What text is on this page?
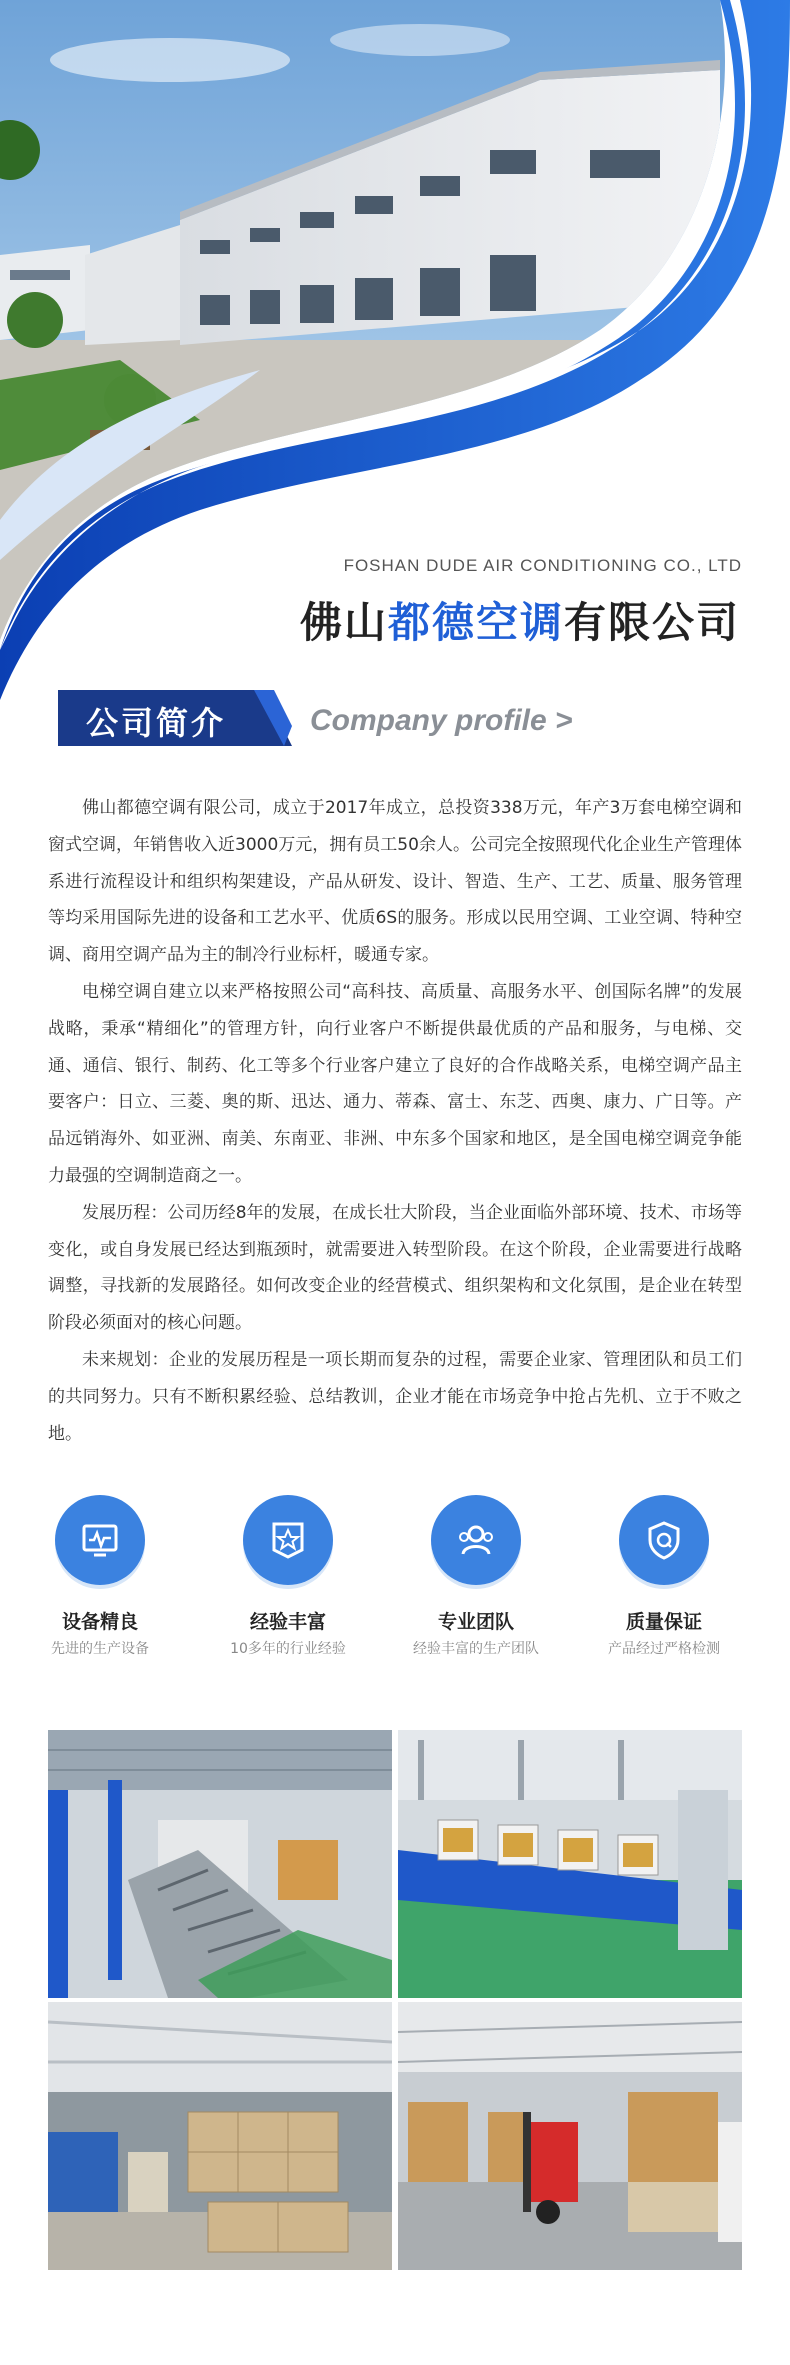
FOSHAN DUDE AIR CONDITIONING CO., LTD
佛山都德空调有限公司
公司简介	Company profile >

佛山都德空调有限公司，成立于2017年成立，总投资338万元，年产3万套电梯空调和窗式空调，年销售收入近3000万元，拥有员工50余人。公司完全按照现代化企业生产管理体系进行流程设计和组织构架建设，产品从研发、设计、智造、生产、工艺、质量、服务管理等均采用国际先进的设备和工艺水平、优质6S的服务。形成以民用空调、工业空调、特种空调、商用空调产品为主的制冷行业标杆，暖通专家。

电梯空调自建立以来严格按照公司“高科技、高质量、高服务水平、创国际名牌”的发展战略，秉承“精细化”的管理方针，向行业客户不断提供最优质的产品和服务，与电梯、交通、通信、银行、制药、化工等多个行业客户建立了良好的合作战略关系，电梯空调产品主要客户：日立、三菱、奥的斯、迅达、通力、蒂森、富士、东芝、西奥、康力、广日等。产品远销海外、如亚洲、南美、东南亚、非洲、中东多个国家和地区，是全国电梯空调竞争能力最强的空调制造商之一。

发展历程：公司历经8年的发展，在成长壮大阶段，当企业面临外部环境、技术、市场等变化，或自身发展已经达到瓶颈时，就需要进入转型阶段。在这个阶段，企业需要进行战略调整，寻找新的发展路径。如何改变企业的经营模式、组织架构和文化氛围，是企业在转型阶段必须面对的核心问题。

未来规划：企业的发展历程是一项长期而复杂的过程，需要企业家、管理团队和员工们的共同努力。只有不断积累经验、总结教训，企业才能在市场竞争中抢占先机、立于不败之地。

设备精良
先进的生产设备
经验丰富
10多年的行业经验
专业团队
经验丰富的生产团队
质量保证
产品经过严格检测
